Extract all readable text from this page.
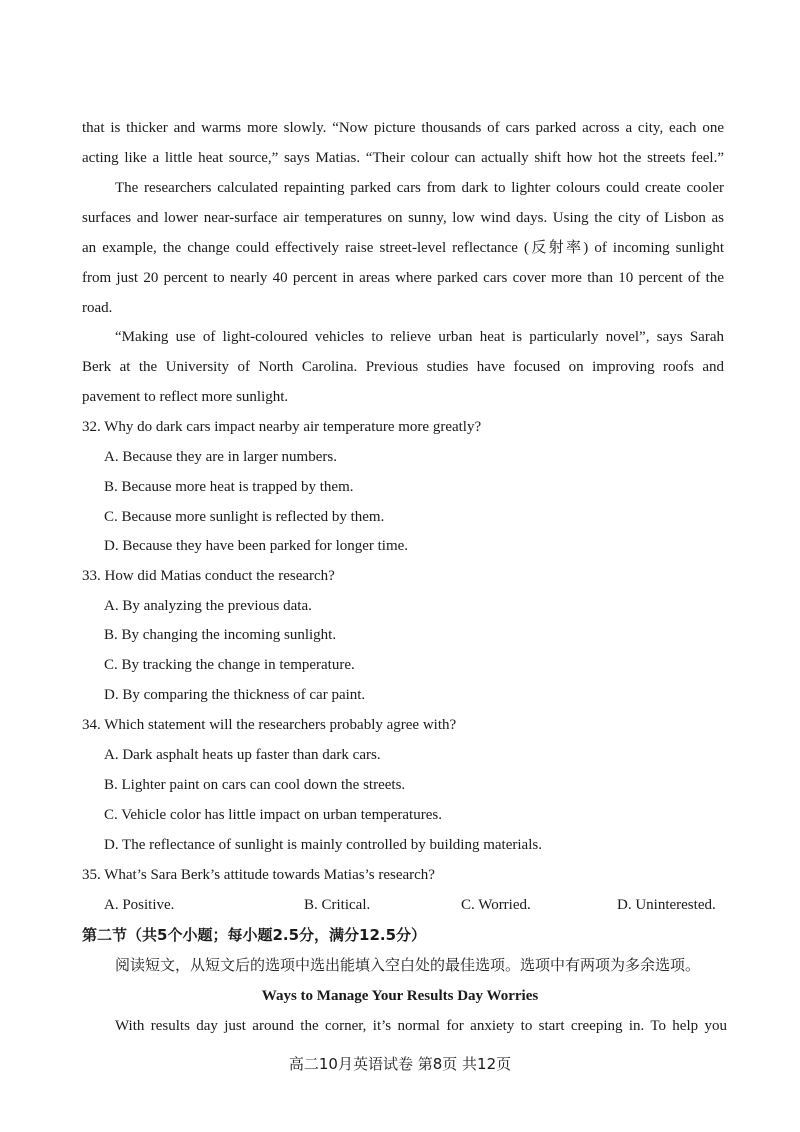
that is thicker and warms more slowly. “Now picture thousands of cars parked across a city, each one
acting like a little heat source,” says Matias. “Their colour can actually shift how hot the streets feel.”
The researchers calculated repainting parked cars from dark to lighter colours could create cooler
surfaces and lower near-surface air temperatures on sunny, low wind days. Using the city of Lisbon as
an example, the change could effectively raise street-level reflectance (反射率) of incoming sunlight
from just 20 percent to nearly 40 percent in areas where parked cars cover more than 10 percent of the
road.
“Making use of light-coloured vehicles to relieve urban heat is particularly novel”, says Sarah
Berk at the University of North Carolina. Previous studies have focused on improving roofs and
pavement to reflect more sunlight.
32. Why do dark cars impact nearby air temperature more greatly?
A. Because they are in larger numbers.
B. Because more heat is trapped by them.
C. Because more sunlight is reflected by them.
D. Because they have been parked for longer time.
33. How did Matias conduct the research?
A. By analyzing the previous data.
B. By changing the incoming sunlight.
C. By tracking the change in temperature.
D. By comparing the thickness of car paint.
34. Which statement will the researchers probably agree with?
A. Dark asphalt heats up faster than dark cars.
B. Lighter paint on cars can cool down the streets.
C. Vehicle color has little impact on urban temperatures.
D. The reflectance of sunlight is mainly controlled by building materials.
35. What’s Sara Berk’s attitude towards Matias’s research?
A. Positive.	B. Critical.	C. Worried.	D. Uninterested.
第二节（共5个小题；每小题2.5分，满分12.5分）
阅读短文，从短文后的选项中选出能填入空白处的最佳选项。选项中有两项为多余选项。
Ways to Manage Your Results Day Worries
With results day just around the corner, it’s normal for anxiety to start creeping in. To help you
高二10月英语试卷 第8页 共12页
